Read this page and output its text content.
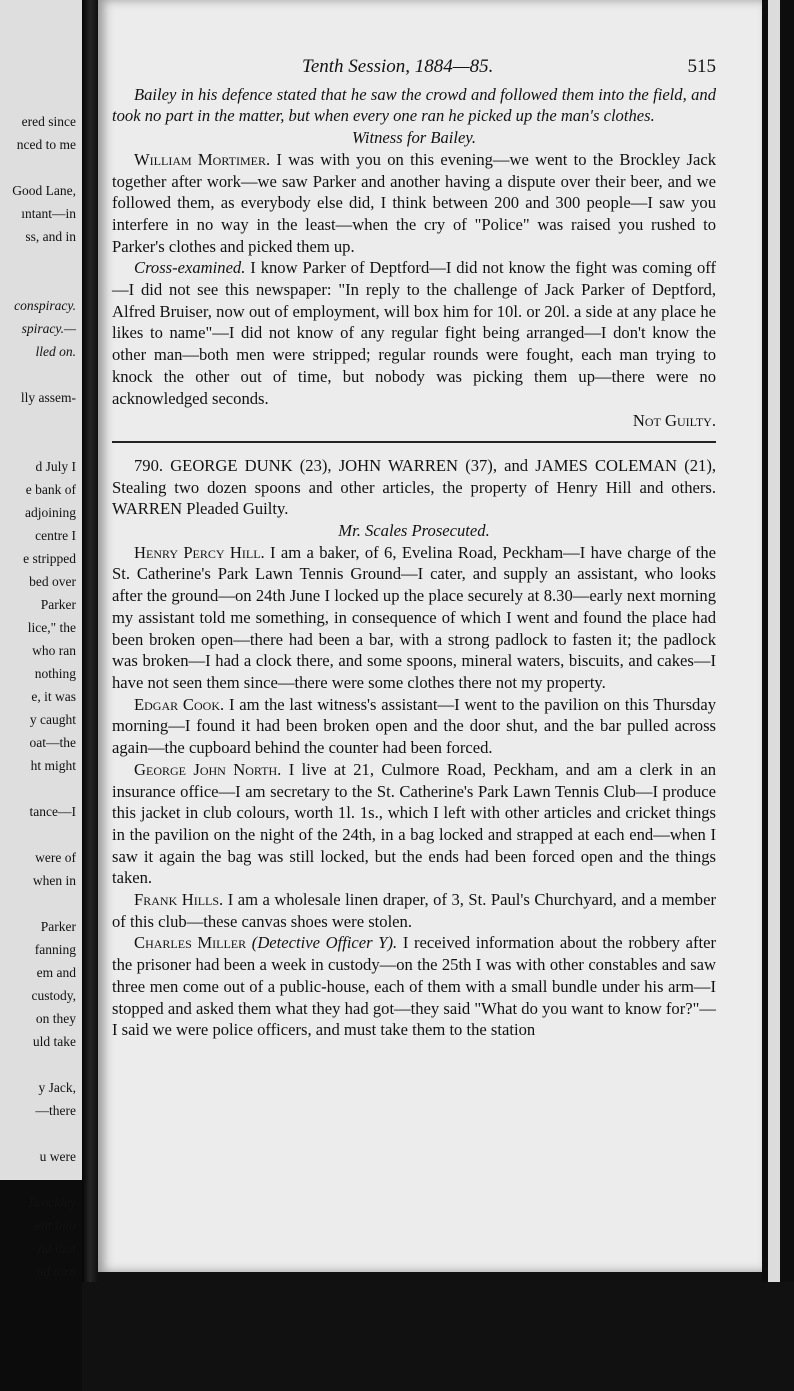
ered since
nced to me
Good Lane,
ıntant—in
ss, and in
conspiracy.
spiracy.—
lled on.
lly assem-
d July I
e bank of
adjoining
centre I
e stripped
bed over
Parker
lice," the
who ran
nothing
e, it was
y caught
oat—the
ht might
tance—I
were of
when in
Parker
fanning
em and
custody,
on they
uld take
y Jack,
—there
u were
Brockley
ent into
nd that
nd torn
Tenth Session, 1884—85.	515

Bailey in his defence stated that he saw the crowd and followed them into the field, and took no part in the matter, but when every one ran he picked up the man's clothes.

Witness for Bailey.

William Mortimer. I was with you on this evening—we went to the Brockley Jack together after work—we saw Parker and another having a dispute over their beer, and we followed them, as everybody else did, I think between 200 and 300 people—I saw you interfere in no way in the least—when the cry of "Police" was raised you rushed to Parker's clothes and picked them up.

Cross-examined. I know Parker of Deptford—I did not know the fight was coming off—I did not see this newspaper: "In reply to the challenge of Jack Parker of Deptford, Alfred Bruiser, now out of employment, will box him for 10l. or 20l. a side at any place he likes to name"—I did not know of any regular fight being arranged—I don't know the other man—both men were stripped; regular rounds were fought, each man trying to knock the other out of time, but nobody was picking them up—there were no acknowledged seconds.

Not Guilty.

790. GEORGE DUNK (23), JOHN WARREN (37), and JAMES COLEMAN (21), Stealing two dozen spoons and other articles, the property of Henry Hill and others. WARREN Pleaded Guilty.

Mr. Scales Prosecuted.

Henry Percy Hill. I am a baker, of 6, Evelina Road, Peckham—I have charge of the St. Catherine's Park Lawn Tennis Ground—I cater, and supply an assistant, who looks after the ground—on 24th June I locked up the place securely at 8.30—early next morning my assistant told me something, in consequence of which I went and found the place had been broken open—there had been a bar, with a strong padlock to fasten it; the padlock was broken—I had a clock there, and some spoons, mineral waters, biscuits, and cakes—I have not seen them since—there were some clothes there not my property.

Edgar Cook. I am the last witness's assistant—I went to the pavilion on this Thursday morning—I found it had been broken open and the door shut, and the bar pulled across again—the cupboard behind the counter had been forced.

George John North. I live at 21, Culmore Road, Peckham, and am a clerk in an insurance office—I am secretary to the St. Catherine's Park Lawn Tennis Club—I produce this jacket in club colours, worth 1l. 1s., which I left with other articles and cricket things in the pavilion on the night of the 24th, in a bag locked and strapped at each end—when I saw it again the bag was still locked, but the ends had been forced open and the things taken.

Frank Hills. I am a wholesale linen draper, of 3, St. Paul's Churchyard, and a member of this club—these canvas shoes were stolen.

Charles Miller (Detective Officer Y). I received information about the robbery after the prisoner had been a week in custody—on the 25th I was with other constables and saw three men come out of a public-house, each of them with a small bundle under his arm—I stopped and asked them what they had got—they said "What do you want to know for?"—I said we were police officers, and must take them to the station
